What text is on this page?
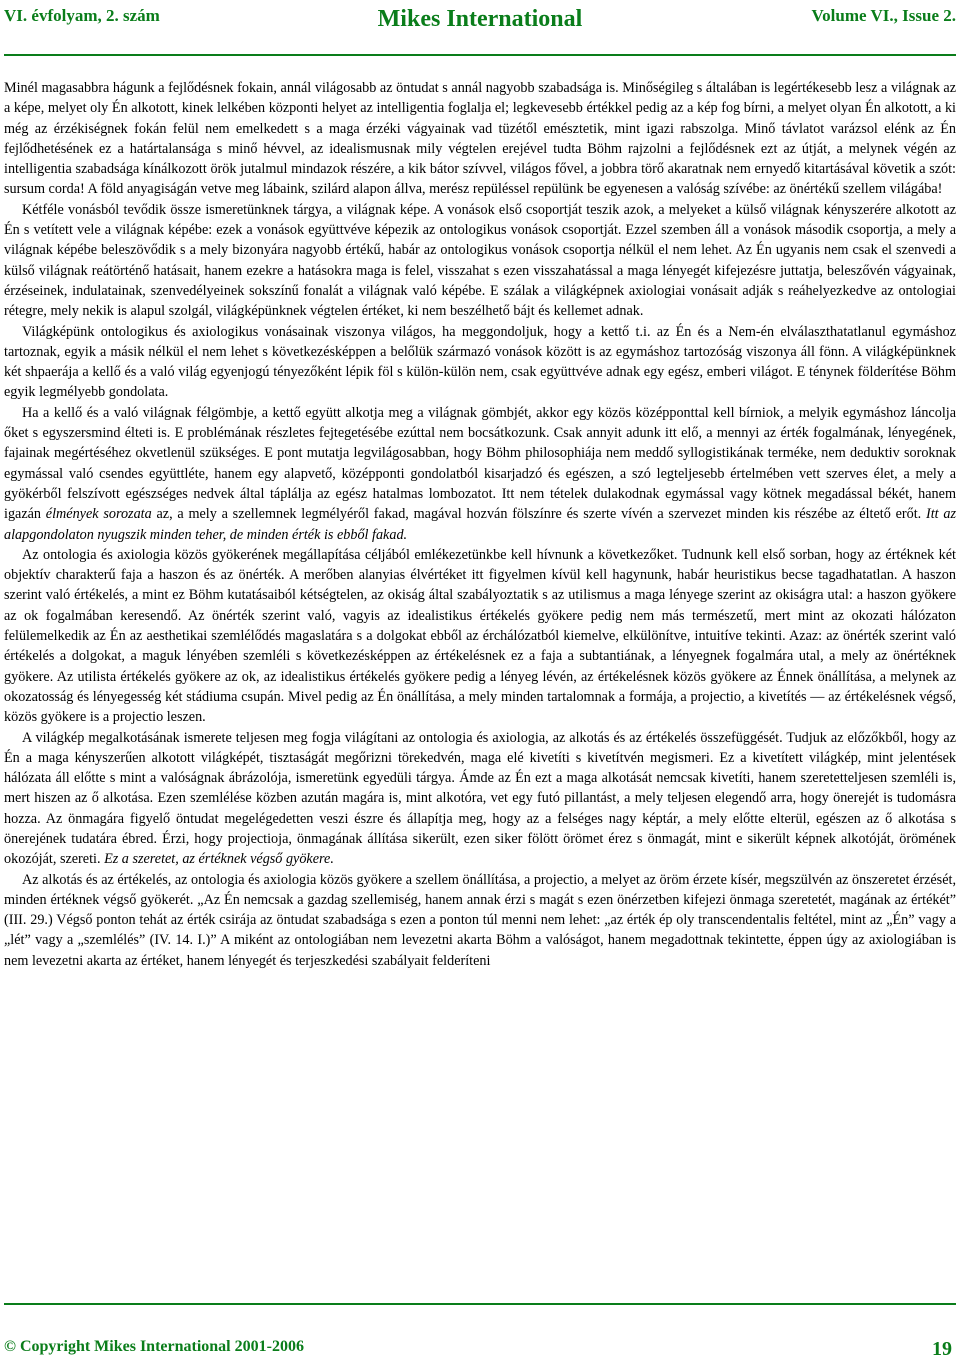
VI. évfolyam, 2. szám	Mikes International	Volume VI., Issue 2.

Minél magasabbra hágunk a fejlődésnek fokain, annál világosabb az öntudat s annál nagyobb szabadsága is. Minőségileg s általában is legértékesebb lesz a világnak az a képe, melyet oly Én alkotott, kinek lelkében központi helyet az intelligentia foglalja el; legkevesebb értékkel pedig az a kép fog bírni, a melyet olyan Én alkotott, a ki még az érzékiségnek fokán felül nem emelkedett s a maga érzéki vágyainak vad tüzétől emésztetik, mint igazi rabszolga. Minő távlatot varázsol elénk az Én fejlődhetésének ez a határtalansága s minő hévvel, az idealismusnak mily végtelen erejével tudta Böhm rajzolni a fejlődésnek ezt az útját, a melynek végén az intelligentia szabadsága kínálkozott örök jutalmul mindazok részére, a kik bátor szívvel, világos fővel, a jobbra törő akaratnak nem ernyedő kitartásával követik a szót: sursum corda! A föld anyagiságán vetve meg lábaink, szilárd alapon állva, merész repüléssel repülünk be egyenesen a valóság szívébe: az önértékű szellem világába!

Kétféle vonásból tevődik össze ismeretünknek tárgya, a világnak képe. A vonások első csoportját teszik azok, a melyeket a külső világnak kényszerére alkotott az Én s vetített vele a világnak képébe: ezek a vonások együttvéve képezik az ontologikus vonások csoportját. Ezzel szemben áll a vonások második csoportja, a mely a világnak képébe beleszövődik s a mely bizonyára nagyobb értékű, habár az ontologikus vonások csoportja nélkül el nem lehet. Az Én ugyanis nem csak el szenvedi a külső világnak reátörténő hatásait, hanem ezekre a hatásokra maga is felel, visszahat s ezen visszahatással a maga lényegét kifejezésre juttatja, beleszővén vágyainak, érzéseinek, indulatainak, szenvedélyeinek sokszínű fonalát a világnak való képébe. E szálak a világképnek axiologiai vonásait adják s reáhelyezkedve az ontologiai rétegre, mely nekik is alapul szolgál, világképünknek végtelen értéket, ki nem beszélhető bájt és kellemet adnak.

Világképünk ontologikus és axiologikus vonásainak viszonya világos, ha meggondoljuk, hogy a kettő t.i. az Én és a Nem-én elválaszthatatlanul egymáshoz tartoznak, egyik a másik nélkül el nem lehet s következésképpen a belőlük származó vonások között is az egymáshoz tartozóság viszonya áll fönn. A világképünknek két shpaerája a kellő és a való világ egyenjogú tényezőként lépik föl s külön-külön nem, csak együttvéve adnak egy egész, emberi világot. E ténynek földerítése Böhm egyik legmélyebb gondolata.

Ha a kellő és a való világnak félgömbje, a kettő együtt alkotja meg a világnak gömbjét, akkor egy közös középponttal kell bírniok, a melyik egymáshoz láncolja őket s egyszersmind élteti is. E problémának részletes fejtegetésébe ezúttal nem bocsátkozunk. Csak annyit adunk itt elő, a mennyi az érték fogalmának, lényegének, fajainak megértéséhez okvetlenül szükséges. E pont mutatja legvilágosabban, hogy Böhm philosophiája nem meddő syllogistikának terméke, nem deduktiv soroknak egymással való csendes együttléte, hanem egy alapvető, középponti gondolatból kisarjadzó és egészen, a szó legteljesebb értelmében vett szerves élet, a mely a gyökérből felszívott egészséges nedvek által táplálja az egész hatalmas lombozatot. Itt nem tételek dulakodnak egymással vagy kötnek megadással békét, hanem igazán élmények sorozata az, a mely a szellemnek legmélyéről fakad, magával hozván fölszínre és szerte vívén a szervezet minden kis részébe az éltető erőt. Itt az alapgondolaton nyugszik minden teher, de minden érték is ebből fakad.

Az ontologia és axiologia közös gyökerének megállapítása céljából emlékezetünkbe kell hívnunk a következőket. Tudnunk kell első sorban, hogy az értéknek két objektív charakterű faja a haszon és az önérték. A merőben alanyias élvértéket itt figyelmen kívül kell hagynunk, habár heuristikus becse tagadhatatlan. A haszon szerint való értékelés, a mint ez Böhm kutatásaiból kétségtelen, az okiság által szabályoztatik s az utilismus a maga lényege szerint az okiságra utal: a haszon gyökere az ok fogalmában keresendő. Az önérték szerint való, vagyis az idealistikus értékelés gyökere pedig nem más természetű, mert mint az okozati hálózaton felülemelkedik az Én az aesthetikai szemlélődés magaslatára s a dolgokat ebből az érchálózatból kiemelve, elkülönítve, intuitíve tekinti. Azaz: az önérték szerint való értékelés a dolgokat, a maguk lényében szemléli s következésképpen az értékelésnek ez a faja a subtantiának, a lényegnek fogalmára utal, a mely az önértéknek gyökere. Az utilista értékelés gyökere az ok, az idealistikus értékelés gyökere pedig a lényeg lévén, az értékelésnek közös gyökere az Énnek önállítása, a melynek az okozatosság és lényegesség két stádiuma csupán. Mivel pedig az Én önállítása, a mely minden tartalomnak a formája, a projectio, a kivetítés — az értékelésnek végső, közös gyökere is a projectio leszen.

A világkép megalkotásának ismerete teljesen meg fogja világítani az ontologia és axiologia, az alkotás és az értékelés összefüggését. Tudjuk az előzőkből, hogy az Én a maga kényszerűen alkotott világképét, tisztaságát megőrizni törekedvén, maga elé kivetíti s kivetítvén megismeri. Ez a kivetített világkép, mint jelentések hálózata áll előtte s mint a valóságnak ábrázolója, ismeretünk egyedüli tárgya. Ámde az Én ezt a maga alkotását nemcsak kivetíti, hanem szeretetteljesen szemléli is, mert hiszen az ő alkotása. Ezen szemlélése közben azután magára is, mint alkotóra, vet egy futó pillantást, a mely teljesen elegendő arra, hogy önerejét is tudomásra hozza. Az önmagára figyelő öntudat megelégedetten veszi észre és állapítja meg, hogy az a felséges nagy képtár, a mely előtte elterül, egészen az ő alkotása s önerejének tudatára ébred. Érzi, hogy projectioja, önmagának állítása sikerült, ezen siker fölött örömet érez s önmagát, mint e sikerült képnek alkotóját, örömének okozóját, szereti. Ez a szeretet, az értéknek végső gyökere.

Az alkotás és az értékelés, az ontologia és axiologia közös gyökere a szellem önállítása, a projectio, a melyet az öröm érzete kísér, megszülvén az önszeretet érzését, minden értéknek végső gyökerét. „Az Én nemcsak a gazdag szellemiség, hanem annak érzi s magát s ezen önérzetben kifejezi önmaga szeretetét, magának az értékét” (III. 29.) Végső ponton tehát az érték csirája az öntudat szabadsága s ezen a ponton túl menni nem lehet: „az érték ép oly transcendentalis feltétel, mint az „Én” vagy a „lét” vagy a „szemlélés” (IV. 14. I.)” A miként az ontologiában nem levezetni akarta Böhm a valóságot, hanem megadottnak tekintette, éppen úgy az axiologiában is nem levezetni akarta az értéket, hanem lényegét és terjeszkedési szabályait felderíteni

© Copyright Mikes International 2001-2006	19
